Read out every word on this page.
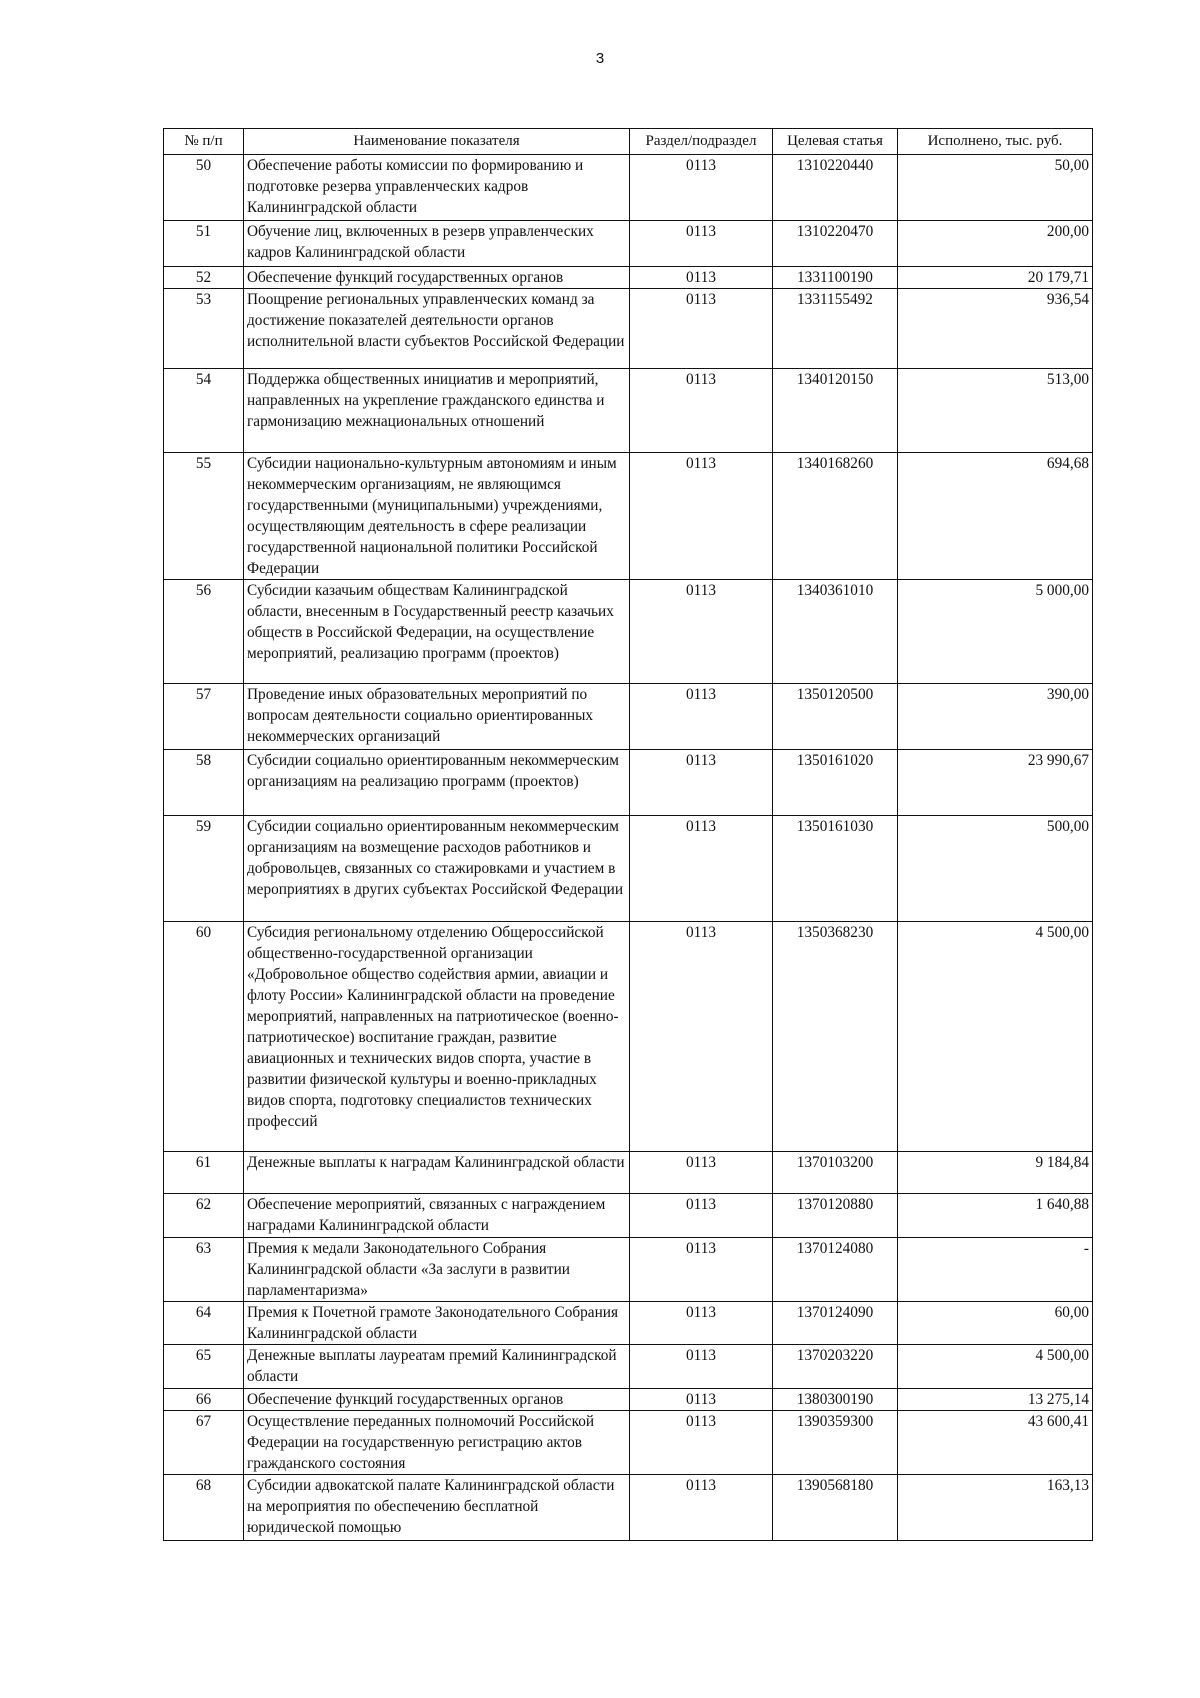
3
№ п/п	Наименование показателя	Раздел/подраздел	Целевая статья	Исполнено, тыс. руб.
50	Обеспечение работы комиссии по формированию и подготовке резерва управленческих кадров Калининградской области	0113	1310220440	50,00
51	Обучение лиц, включенных в резерв управленческих кадров Калининградской области	0113	1310220470	200,00
52	Обеспечение функций государственных органов	0113	1331100190	20 179,71
53	Поощрение региональных управленческих команд за достижение показателей деятельности органов исполнительной власти субъектов Российской Федерации	0113	1331155492	936,54
54	Поддержка общественных инициатив и мероприятий, направленных на укрепление гражданского единства и гармонизацию межнациональных отношений	0113	1340120150	513,00
55	Субсидии национально-культурным автономиям и иным некоммерческим организациям, не являющимся государственными (муниципальными) учреждениями, осуществляющим деятельность в сфере реализации государственной национальной политики Российской Федерации	0113	1340168260	694,68
56	Субсидии казачьим обществам Калининградской области, внесенным в Государственный реестр казачьих обществ в Российской Федерации, на осуществление мероприятий, реализацию программ (проектов)	0113	1340361010	5 000,00
57	Проведение иных образовательных мероприятий по вопросам деятельности социально ориентированных некоммерческих организаций	0113	1350120500	390,00
58	Субсидии социально ориентированным некоммерческим организациям на реализацию программ (проектов)	0113	1350161020	23 990,67
59	Субсидии социально ориентированным некоммерческим организациям на возмещение расходов работников и добровольцев, связанных со стажировками и участием в мероприятиях в других субъектах Российской Федерации	0113	1350161030	500,00
60	Субсидия региональному отделению Общероссийской общественно-государственной организации «Добровольное общество содействия армии, авиации и флоту России» Калининградской области на проведение мероприятий, направленных на патриотическое (военно-патриотическое) воспитание граждан, развитие авиационных и технических видов спорта, участие в развитии физической культуры и военно-прикладных видов спорта, подготовку специалистов технических профессий	0113	1350368230	4 500,00
61	Денежные выплаты к наградам Калининградской области	0113	1370103200	9 184,84
62	Обеспечение мероприятий, связанных с награждением наградами Калининградской области	0113	1370120880	1 640,88
63	Премия к медали Законодательного Собрания Калининградской области «За заслуги в развитии парламентаризма»	0113	1370124080	-
64	Премия к Почетной грамоте Законодательного Собрания Калининградской области	0113	1370124090	60,00
65	Денежные выплаты лауреатам премий Калининградской области	0113	1370203220	4 500,00
66	Обеспечение функций государственных органов	0113	1380300190	13 275,14
67	Осуществление переданных полномочий Российской Федерации на государственную регистрацию актов гражданского состояния	0113	1390359300	43 600,41
68	Субсидии адвокатской палате Калининградской области на мероприятия по обеспечению бесплатной юридической помощью	0113	1390568180	163,13
